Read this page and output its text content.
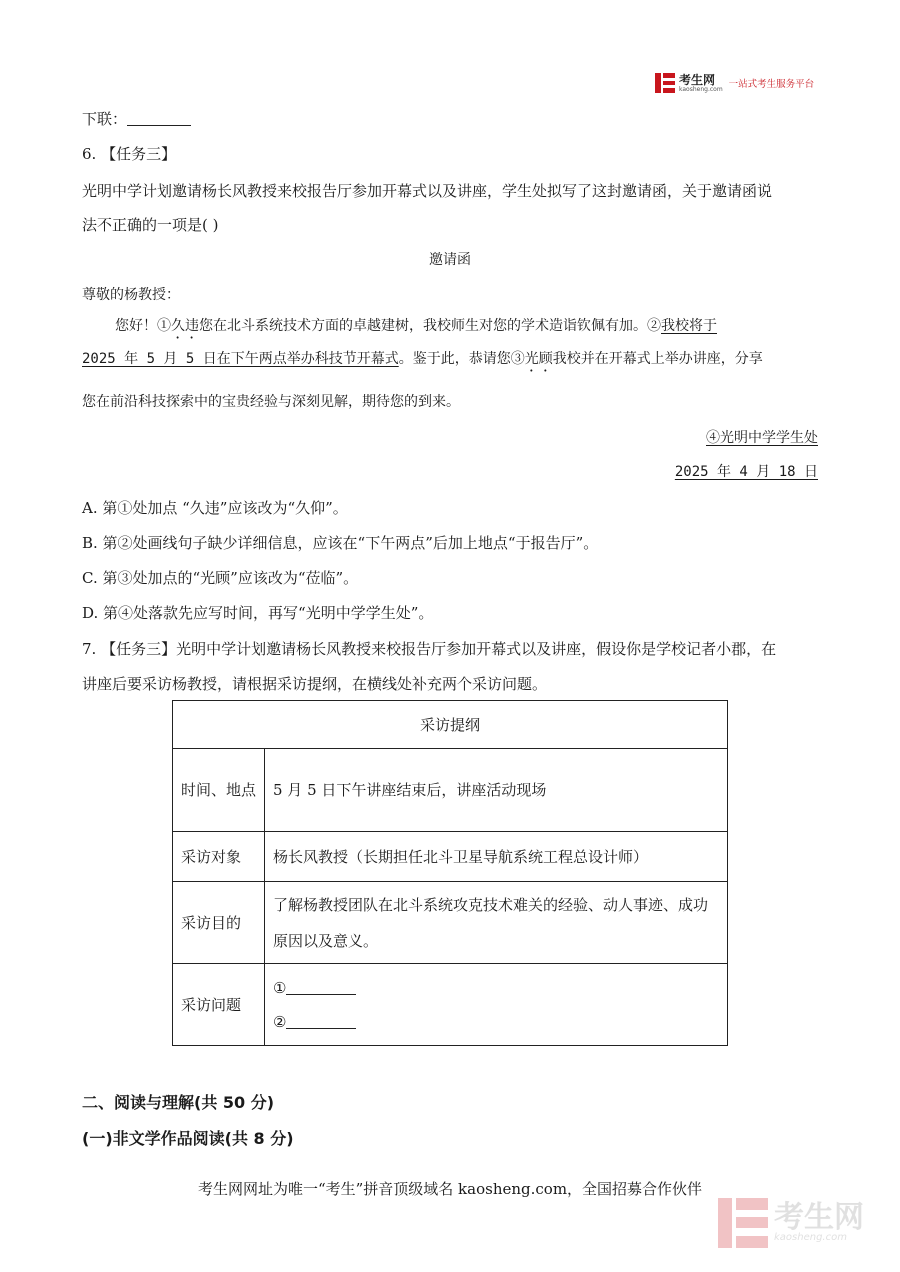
考生网
kaosheng.com 一站式考生服务平台
下联：
6. 【任务三】
光明中学计划邀请杨长风教授来校报告厅参加开幕式以及讲座，学生处拟写了这封邀请函，关于邀请函说
法不正确的一项是( )
邀请函
尊敬的杨教授：
您好！①久违您在北斗系统技术方面的卓越建树，我校师生对您的学术造诣钦佩有加。②我校将于
2025 年 5 月 5 日在下午两点举办科技节开幕式。鉴于此，恭请您③光顾我校并在开幕式上举办讲座，分享
您在前沿科技探索中的宝贵经验与深刻见解，期待您的到来。
④光明中学学生处
2025 年 4 月 18 日
A. 第①处加点 “久违”应该改为“久仰”。
B. 第②处画线句子缺少详细信息，应该在“下午两点”后加上地点“于报告厅”。
C. 第③处加点的“光顾”应该改为“莅临”。
D. 第④处落款先应写时间，再写“光明中学学生处”。
7. 【任务三】光明中学计划邀请杨长风教授来校报告厅参加开幕式以及讲座，假设你是学校记者小郡，在
讲座后要采访杨教授，请根据采访提纲，在横线处补充两个采访问题。
采访提纲	
时间、地点	5 月 5 日下午讲座结束后，讲座活动现场
采访对象	杨长风教授（长期担任北斗卫星导航系统工程总设计师）
采访目的	了解杨教授团队在北斗系统攻克技术难关的经验、动人事迹、成功原因以及意义。
采访问题	①
②
二、阅读与理解(共 50 分)
(一)非文学作品阅读(共 8 分)
考生网网址为唯一“考生”拼音顶级域名 kaosheng.com，全国招募合作伙伴
考生网
kaosheng.com
